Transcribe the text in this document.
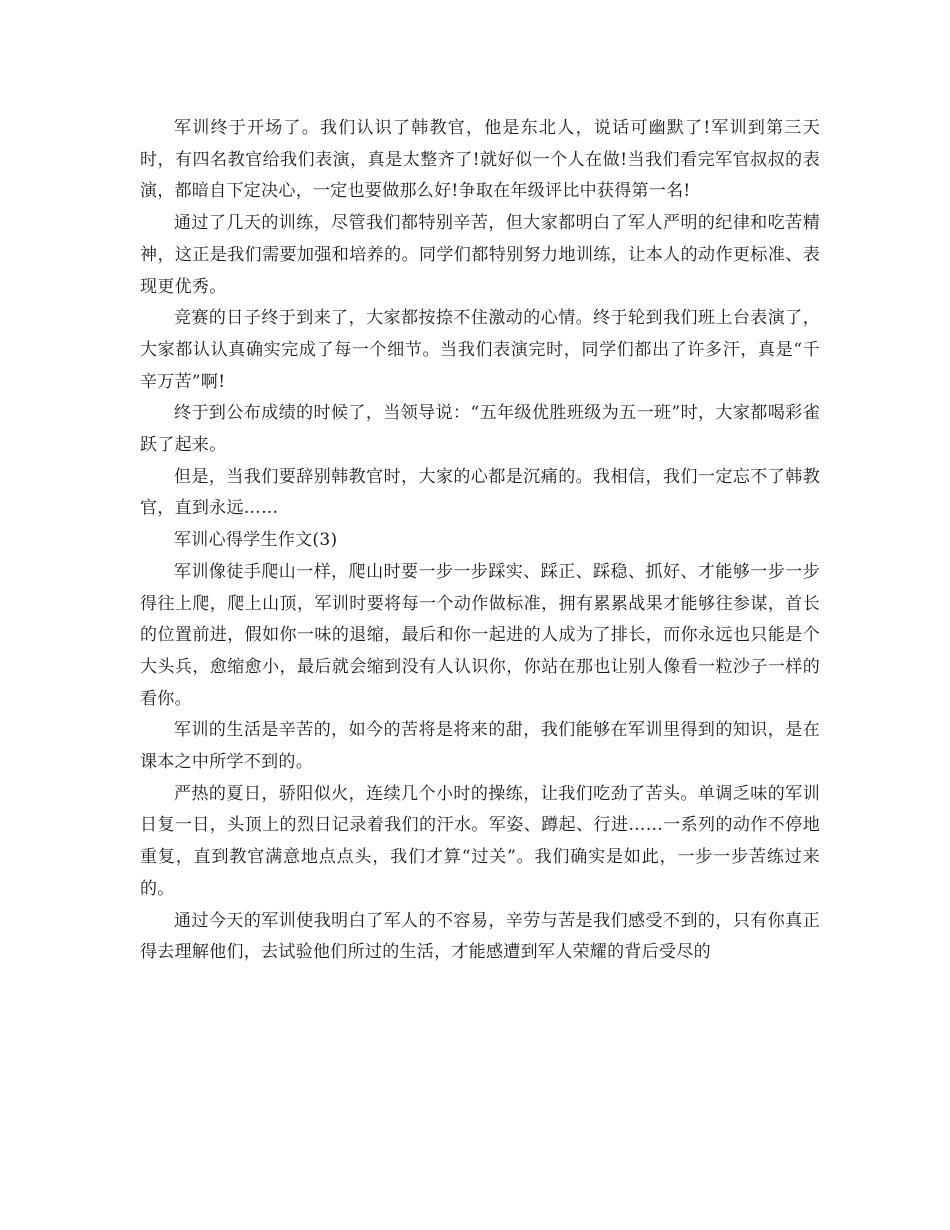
军训终于开场了。我们认识了韩教官，他是东北人，说话可幽默了!军训到第三天时，有四名教官给我们表演，真是太整齐了!就好似一个人在做!当我们看完军官叔叔的表演，都暗自下定决心，一定也要做那么好!争取在年级评比中获得第一名!

通过了几天的训练，尽管我们都特别辛苦，但大家都明白了军人严明的纪律和吃苦精神，这正是我们需要加强和培养的。同学们都特别努力地训练，让本人的动作更标准、表现更优秀。

竞赛的日子终于到来了，大家都按捺不住激动的心情。终于轮到我们班上台表演了，大家都认认真确实完成了每一个细节。当我们表演完时，同学们都出了许多汗，真是“千辛万苦”啊!

终于到公布成绩的时候了，当领导说：“五年级优胜班级为五一班”时，大家都喝彩雀跃了起来。

但是，当我们要辞别韩教官时，大家的心都是沉痛的。我相信，我们一定忘不了韩教官，直到永远……

军训心得学生作文(3)

军训像徒手爬山一样，爬山时要一步一步踩实、踩正、踩稳、抓好、才能够一步一步得往上爬，爬上山顶，军训时要将每一个动作做标准，拥有累累战果才能够往参谋，首长的位置前进，假如你一味的退缩，最后和你一起进的人成为了排长，而你永远也只能是个大头兵，愈缩愈小，最后就会缩到没有人认识你，你站在那也让别人像看一粒沙子一样的看你。

军训的生活是辛苦的，如今的苦将是将来的甜，我们能够在军训里得到的知识，是在课本之中所学不到的。

严热的夏日，骄阳似火，连续几个小时的操练，让我们吃劲了苦头。单调乏味的军训日复一日，头顶上的烈日记录着我们的汗水。军姿、蹲起、行进……一系列的动作不停地重复，直到教官满意地点点头，我们才算“过关”。我们确实是如此，一步一步苦练过来的。

通过今天的军训使我明白了军人的不容易，辛劳与苦是我们感受不到的，只有你真正得去理解他们，去试验他们所过的生活，才能感遭到军人荣耀的背后受尽的
